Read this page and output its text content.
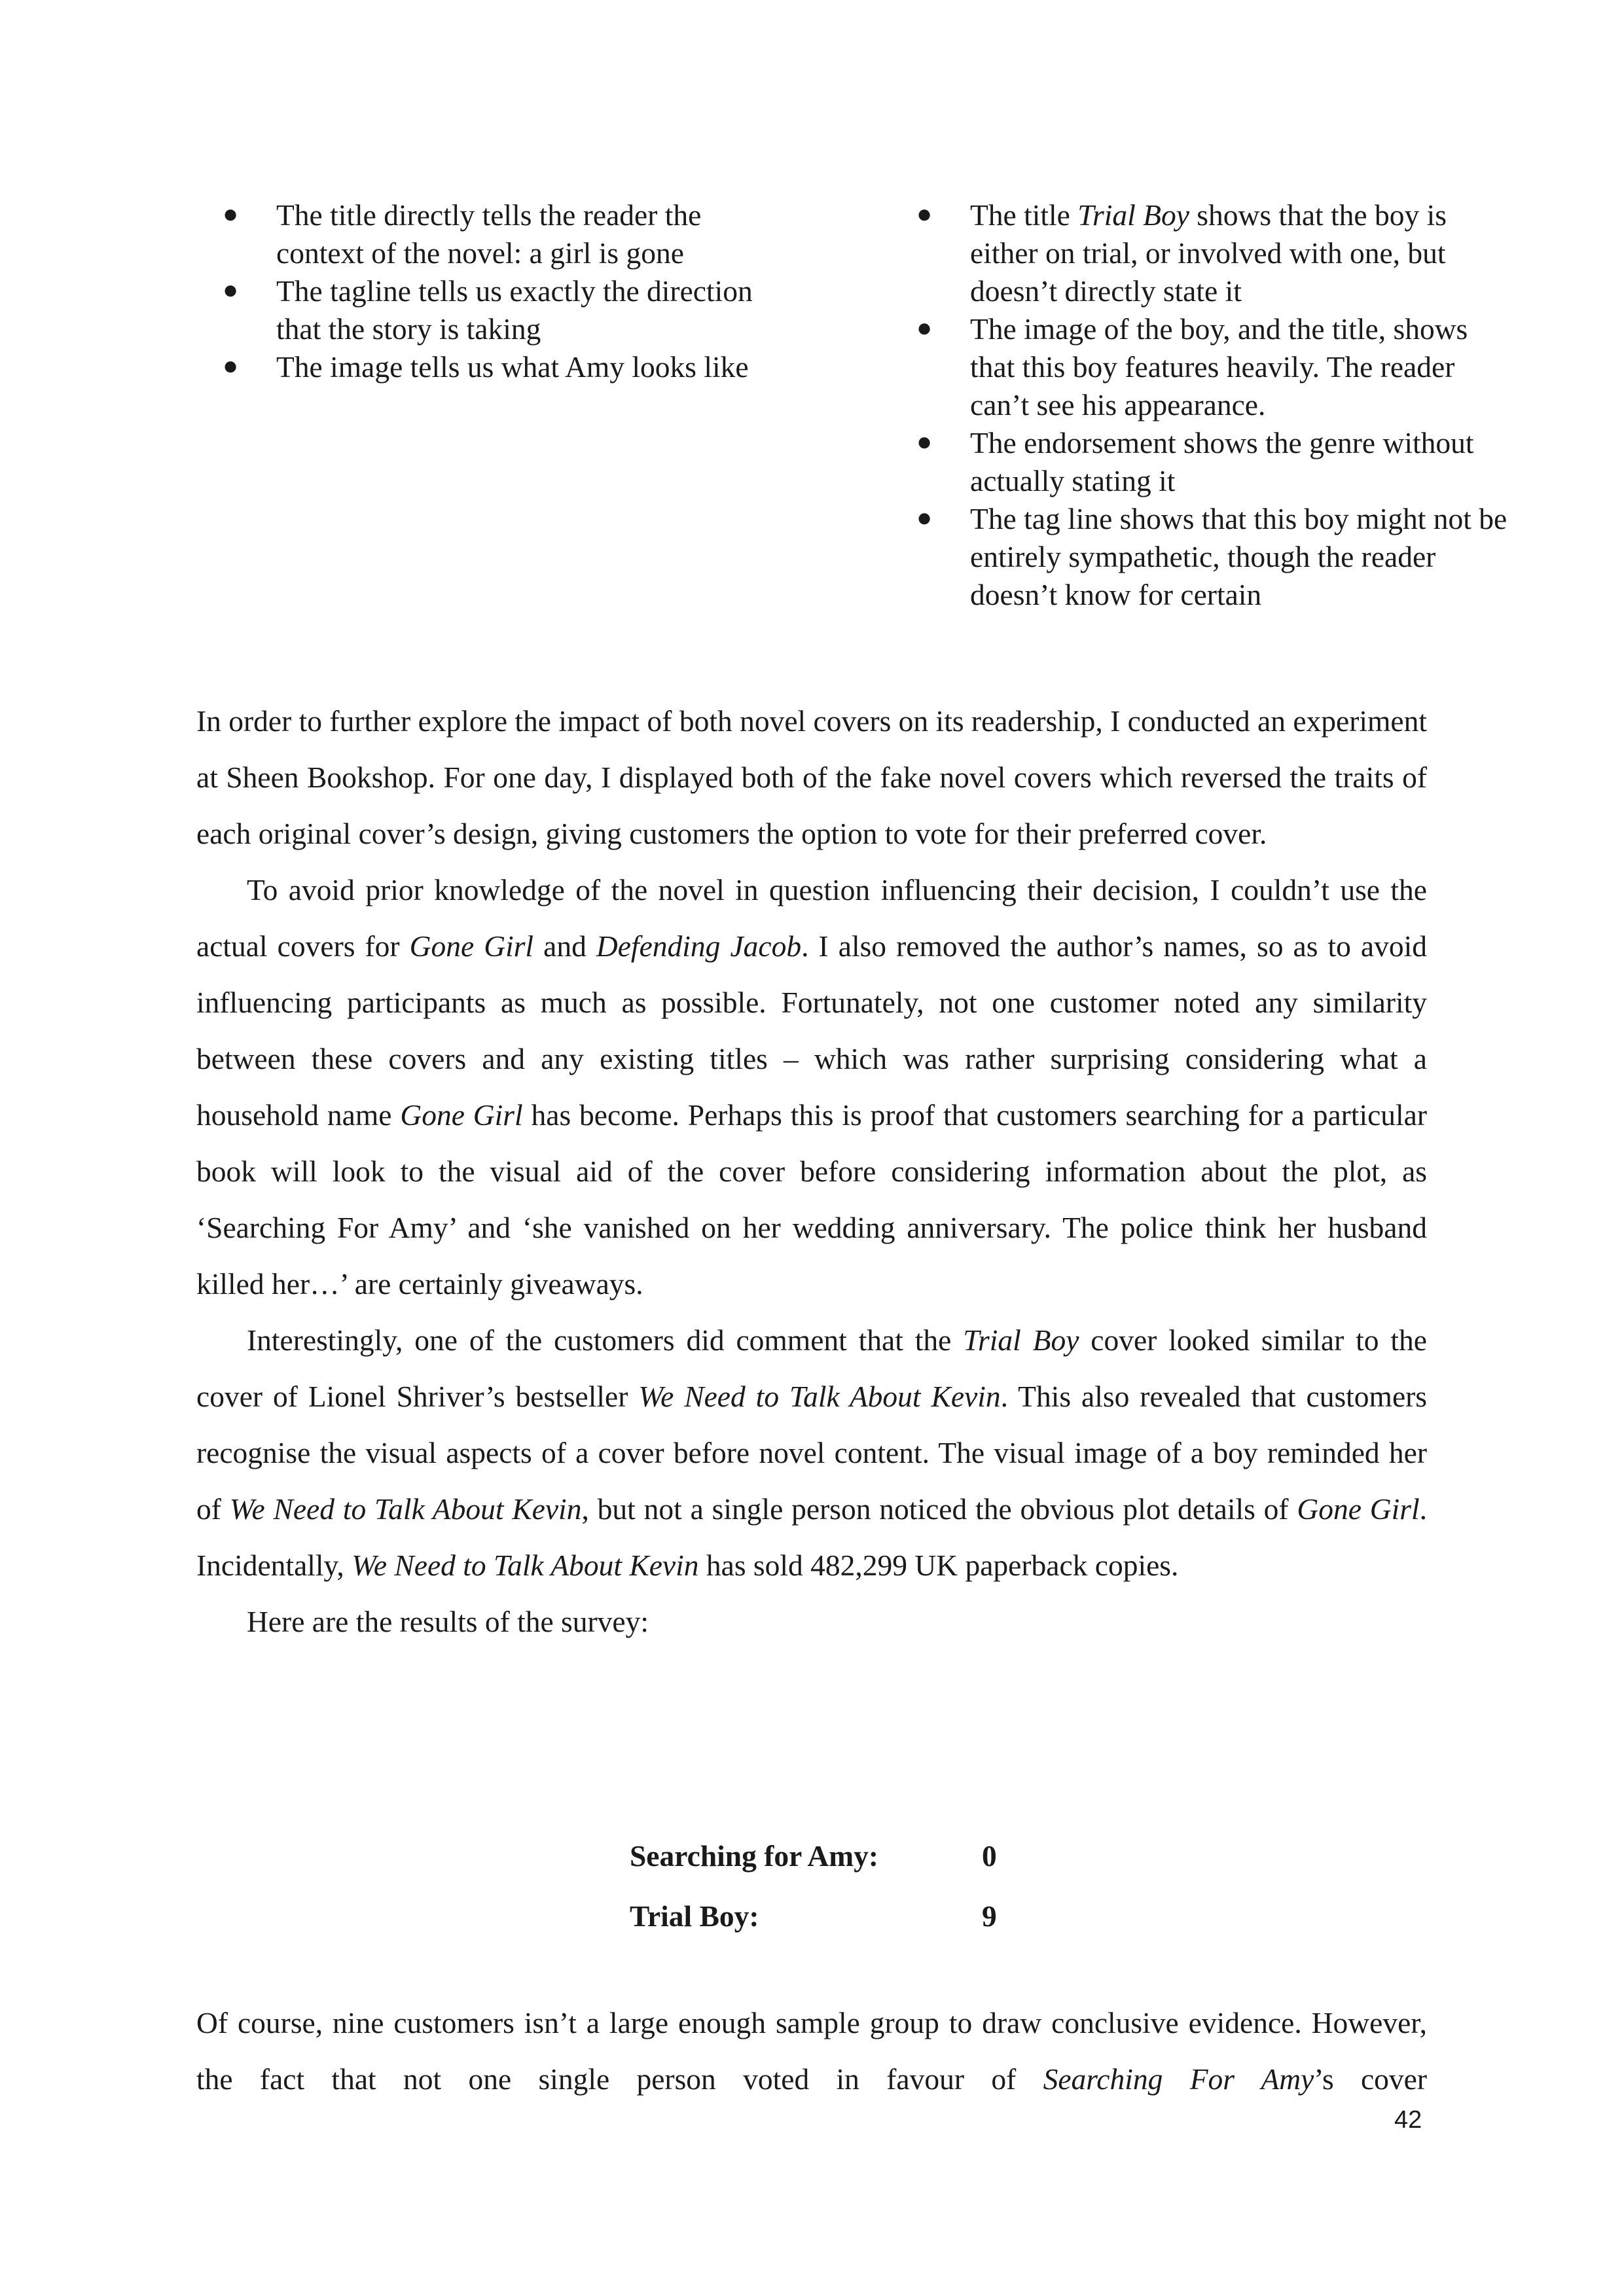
● The title directly tells the reader the context of the novel: a girl is gone
● The tagline tells us exactly the direction that the story is taking
● The image tells us what Amy looks like
● The title Trial Boy shows that the boy is either on trial, or involved with one, but doesn’t directly state it
● The image of the boy, and the title, shows that this boy features heavily. The reader can’t see his appearance.
● The endorsement shows the genre without actually stating it
● The tag line shows that this boy might not be entirely sympathetic, though the reader doesn’t know for certain

In order to further explore the impact of both novel covers on its readership, I conducted an experiment at Sheen Bookshop. For one day, I displayed both of the fake novel covers which reversed the traits of each original cover’s design, giving customers the option to vote for their preferred cover.

To avoid prior knowledge of the novel in question influencing their decision, I couldn’t use the actual covers for Gone Girl and Defending Jacob. I also removed the author’s names, so as to avoid influencing participants as much as possible. Fortunately, not one customer noted any similarity between these covers and any existing titles – which was rather surprising considering what a household name Gone Girl has become. Perhaps this is proof that customers searching for a particular book will look to the visual aid of the cover before considering information about the plot, as ‘Searching For Amy’ and ‘she vanished on her wedding anniversary. The police think her husband killed her…’ are certainly giveaways.

Interestingly, one of the customers did comment that the Trial Boy cover looked similar to the cover of Lionel Shriver’s bestseller We Need to Talk About Kevin. This also revealed that customers recognise the visual aspects of a cover before novel content. The visual image of a boy reminded her of We Need to Talk About Kevin, but not a single person noticed the obvious plot details of Gone Girl. Incidentally, We Need to Talk About Kevin has sold 482,299 UK paperback copies.

Here are the results of the survey:

Searching for Amy:	0
Trial Boy:	9

Of course, nine customers isn’t a large enough sample group to draw conclusive evidence. However, the fact that not one single person voted in favour of Searching For Amy’s cover

42
